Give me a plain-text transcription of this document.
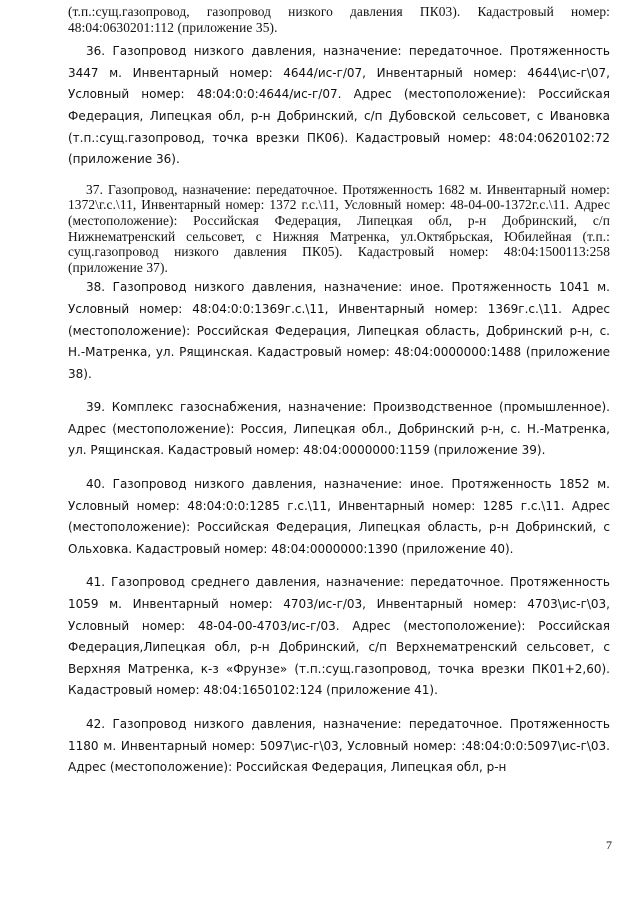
(т.п.:сущ.газопровод, газопровод низкого давления ПК03). Кадастровый номер: 48:04:0630201:112 (приложение 35).

36. Газопровод низкого давления, назначение: передаточное. Протяженность 3447 м. Инвентарный номер: 4644/ис-г/07, Инвентарный номер: 4644\ис-г\07, Условный номер: 48:04:0:0:4644/ис-г/07. Адрес (местоположение): Российская Федерация, Липецкая обл, р-н Добринский, с/п Дубовской сельсовет, с Ивановка (т.п.:сущ.газопровод, точка врезки ПК06). Кадастровый номер: 48:04:0620102:72 (приложение 36).

37. Газопровод, назначение: передаточное. Протяженность 1682 м. Инвентарный номер: 1372\г.с.\11, Инвентарный номер: 1372 г.с.\11, Условный номер: 48-04-00-1372г.с.\11. Адрес (местоположение): Российская Федерация, Липецкая обл, р-н Добринский, с/п Нижнематренский сельсовет, с Нижняя Матренка, ул.Октябрьская, Юбилейная (т.п.: сущ.газопровод низкого давления ПК05). Кадастровый номер: 48:04:1500113:258 (приложение 37).

38. Газопровод низкого давления, назначение: иное. Протяженность 1041 м. Условный номер: 48:04:0:0:1369г.с.\11, Инвентарный номер: 1369г.с.\11. Адрес (местоположение): Российская Федерация, Липецкая область, Добринский р-н, с. Н.-Матренка, ул. Рящинская. Кадастровый номер: 48:04:0000000:1488 (приложение 38).

39. Комплекс газоснабжения, назначение: Производственное (промышленное). Адрес (местоположение): Россия, Липецкая обл., Добринский р-н, с. Н.-Матренка, ул. Рящинская. Кадастровый номер: 48:04:0000000:1159 (приложение 39).

40. Газопровод низкого давления, назначение: иное. Протяженность 1852 м. Условный номер: 48:04:0:0:1285 г.с.\11, Инвентарный номер: 1285 г.с.\11. Адрес (местоположение): Российская Федерация, Липецкая область, р-н Добринский, с Ольховка. Кадастровый номер: 48:04:0000000:1390 (приложение 40).

41. Газопровод среднего давления, назначение: передаточное. Протяженность 1059 м. Инвентарный номер: 4703/ис-г/03, Инвентарный номер: 4703\ис-г\03, Условный номер: 48-04-00-4703/ис-г/03. Адрес (местоположение): Российская Федерация,Липецкая обл, р-н Добринский, с/п Верхнематренский сельсовет, с Верхняя Матренка, к-з «Фрунзе» (т.п.:сущ.газопровод, точка врезки ПК01+2,60). Кадастровый номер: 48:04:1650102:124 (приложение 41).

42. Газопровод низкого давления, назначение: передаточное. Протяженность 1180 м. Инвентарный номер: 5097\ис-г\03, Условный номер: :48:04:0:0:5097\ис-г\03. Адрес (местоположение): Российская Федерация, Липецкая обл, р-н

7
